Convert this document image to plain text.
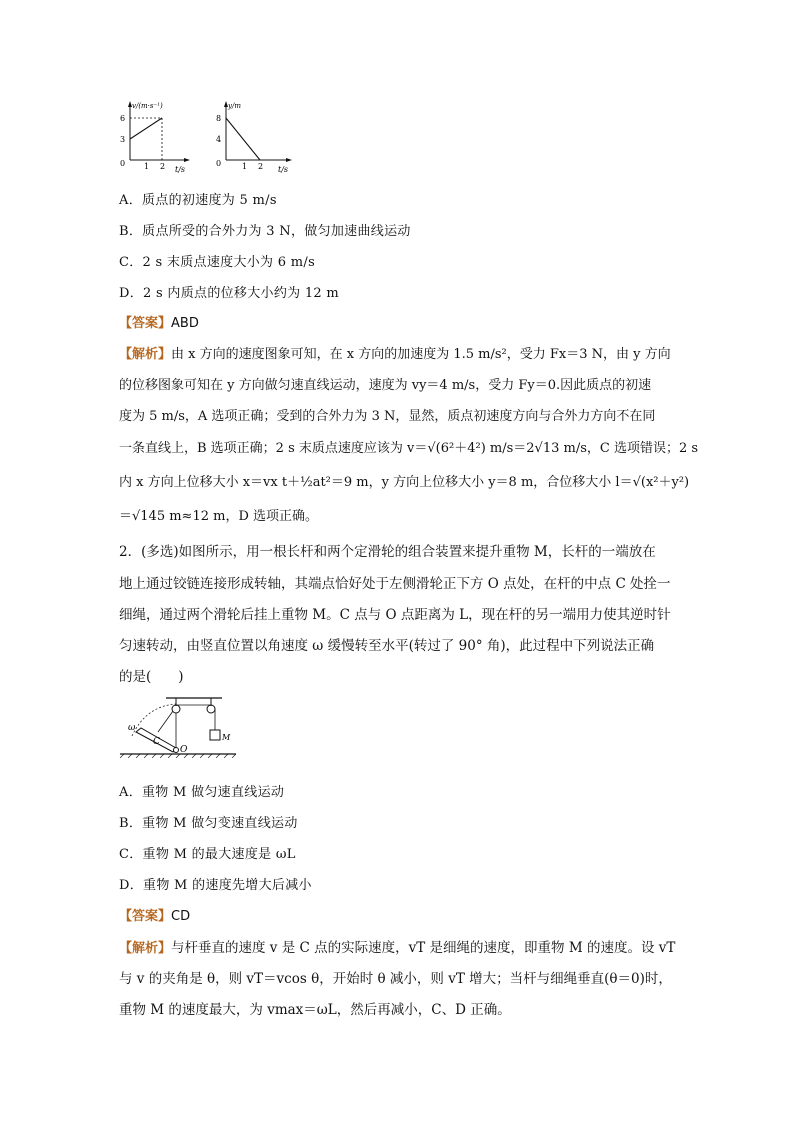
v/(m·s⁻¹)
6
3
0 1 2 t/s
y/m
8
4
0	1 2 t/s
A．质点的初速度为 5 m/s
B．质点所受的合外力为 3 N，做匀加速曲线运动
C．2 s 末质点速度大小为 6 m/s
D．2 s 内质点的位移大小约为 12 m
【答案】ABD
【解析】由 x 方向的速度图象可知，在 x 方向的加速度为 1.5 m/s²，受力 Fx＝3 N，由 y 方向
的位移图象可知在 y 方向做匀速直线运动，速度为 vy＝4 m/s，受力 Fy＝0.因此质点的初速
度为 5 m/s，A 选项正确；受到的合外力为 3 N，显然，质点初速度方向与合外力方向不在同
一条直线上，B 选项正确；2 s 末质点速度应该为 v＝√(6²＋4²) m/s＝2√13 m/s，C 选项错误；2 s
内 x 方向上位移大小 x＝vx t＋½at²＝9 m，y 方向上位移大小 y＝8 m，合位移大小 l＝√(x²＋y²)
＝√145 m≈12 m，D 选项正确。
2．(多选)如图所示，用一根长杆和两个定滑轮的组合装置来提升重物 M，长杆的一端放在
地上通过铰链连接形成转轴，其端点恰好处于左侧滑轮正下方 O 点处，在杆的中点 C 处拴一
细绳，通过两个滑轮后挂上重物 M。C 点与 O 点距离为 L，现在杆的另一端用力使其逆时针
匀速转动，由竖直位置以角速度 ω 缓慢转至水平(转过了 90° 角)，此过程中下列说法正确
的是(　　)
ω
C
O
M
A．重物 M 做匀速直线运动
B．重物 M 做匀变速直线运动
C．重物 M 的最大速度是 ωL
D．重物 M 的速度先增大后减小
【答案】CD
【解析】与杆垂直的速度 v 是 C 点的实际速度，vT 是细绳的速度，即重物 M 的速度。设 vT
与 v 的夹角是 θ，则 vT＝vcos θ，开始时 θ 减小，则 vT 增大；当杆与细绳垂直(θ＝0)时，
重物 M 的速度最大，为 vmax＝ωL，然后再减小，C、D 正确。
